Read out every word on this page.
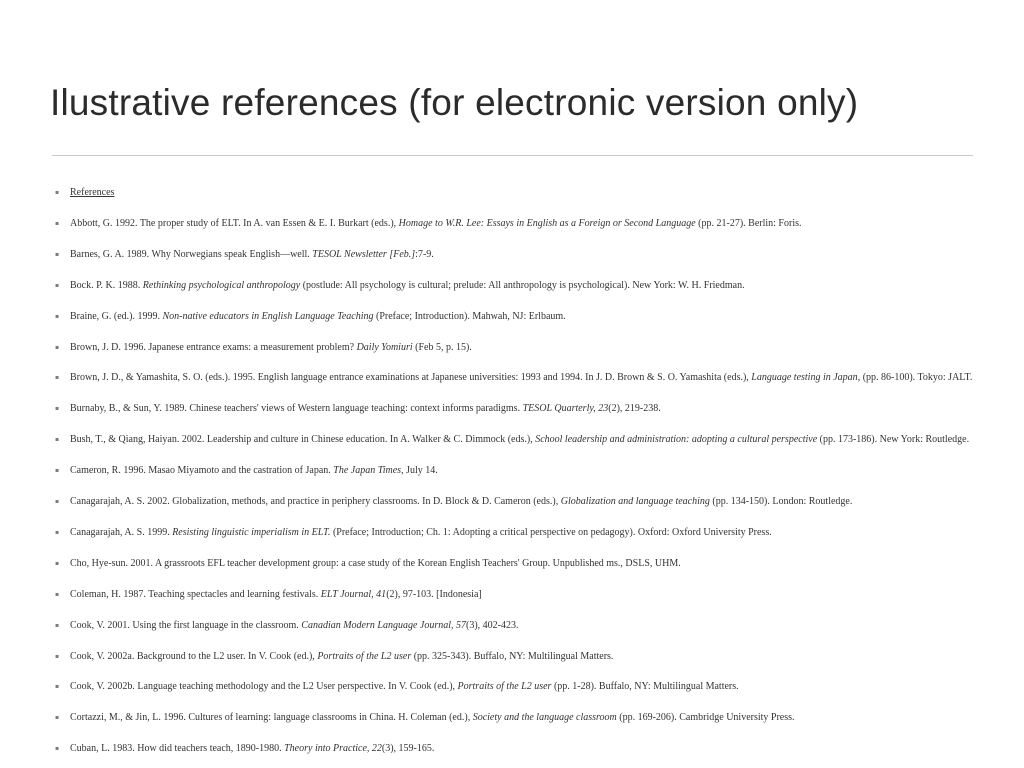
Ilustrative references (for electronic version only)
▪ References
▪ Abbott, G. 1992. The proper study of ELT. In A. van Essen & E. I. Burkart (eds.), Homage to W.R. Lee: Essays in English as a Foreign or Second Language (pp. 21-27). Berlin: Foris.
▪ Barnes, G. A. 1989. Why Norwegians speak English—well. TESOL Newsletter [Feb.]:7-9.
▪ Bock. P. K. 1988. Rethinking psychological anthropology (postlude: All psychology is cultural; prelude: All anthropology is psychological). New York: W. H. Friedman.
▪ Braine, G. (ed.). 1999. Non-native educators in English Language Teaching (Preface; Introduction). Mahwah, NJ: Erlbaum.
▪ Brown, J. D. 1996. Japanese entrance exams: a measurement problem? Daily Yomiuri (Feb 5, p. 15).
▪ Brown, J. D., & Yamashita, S. O. (eds.). 1995. English language entrance examinations at Japanese universities: 1993 and 1994. In J. D. Brown & S. O. Yamashita (eds.), Language testing in Japan, (pp. 86-100). Tokyo: JALT.
▪ Burnaby, B., & Sun, Y. 1989. Chinese teachers' views of Western language teaching: context informs paradigms. TESOL Quarterly, 23(2), 219-238.
▪ Bush, T., & Qiang, Haiyan. 2002. Leadership and culture in Chinese education. In A. Walker & C. Dimmock (eds.), School leadership and administration: adopting a cultural perspective (pp. 173-186). New York: Routledge.
▪ Cameron, R. 1996. Masao Miyamoto and the castration of Japan. The Japan Times, July 14.
▪ Canagarajah, A. S. 2002. Globalization, methods, and practice in periphery classrooms. In D. Block & D. Cameron (eds.), Globalization and language teaching (pp. 134-150). London: Routledge.
▪ Canagarajah, A. S. 1999. Resisting linguistic imperialism in ELT. (Preface; Introduction; Ch. 1: Adopting a critical perspective on pedagogy). Oxford: Oxford University Press.
▪ Cho, Hye-sun. 2001. A grassroots EFL teacher development group: a case study of the Korean English Teachers' Group. Unpublished ms., DSLS, UHM.
▪ Coleman, H. 1987. Teaching spectacles and learning festivals. ELT Journal, 41(2), 97-103. [Indonesia]
▪ Cook, V. 2001. Using the first language in the classroom. Canadian Modern Language Journal, 57(3), 402-423.
▪ Cook, V. 2002a. Background to the L2 user. In V. Cook (ed.), Portraits of the L2 user (pp. 325-343). Buffalo, NY: Multilingual Matters.
▪ Cook, V. 2002b. Language teaching methodology and the L2 User perspective. In V. Cook (ed.), Portraits of the L2 user (pp. 1-28). Buffalo, NY: Multilingual Matters.
▪ Cortazzi, M., & Jin, L. 1996. Cultures of learning: language classrooms in China. H. Coleman (ed.), Society and the language classroom (pp. 169-206). Cambridge University Press.
▪ Cuban, L. 1983. How did teachers teach, 1890-1980. Theory into Practice, 22(3), 159-165.
